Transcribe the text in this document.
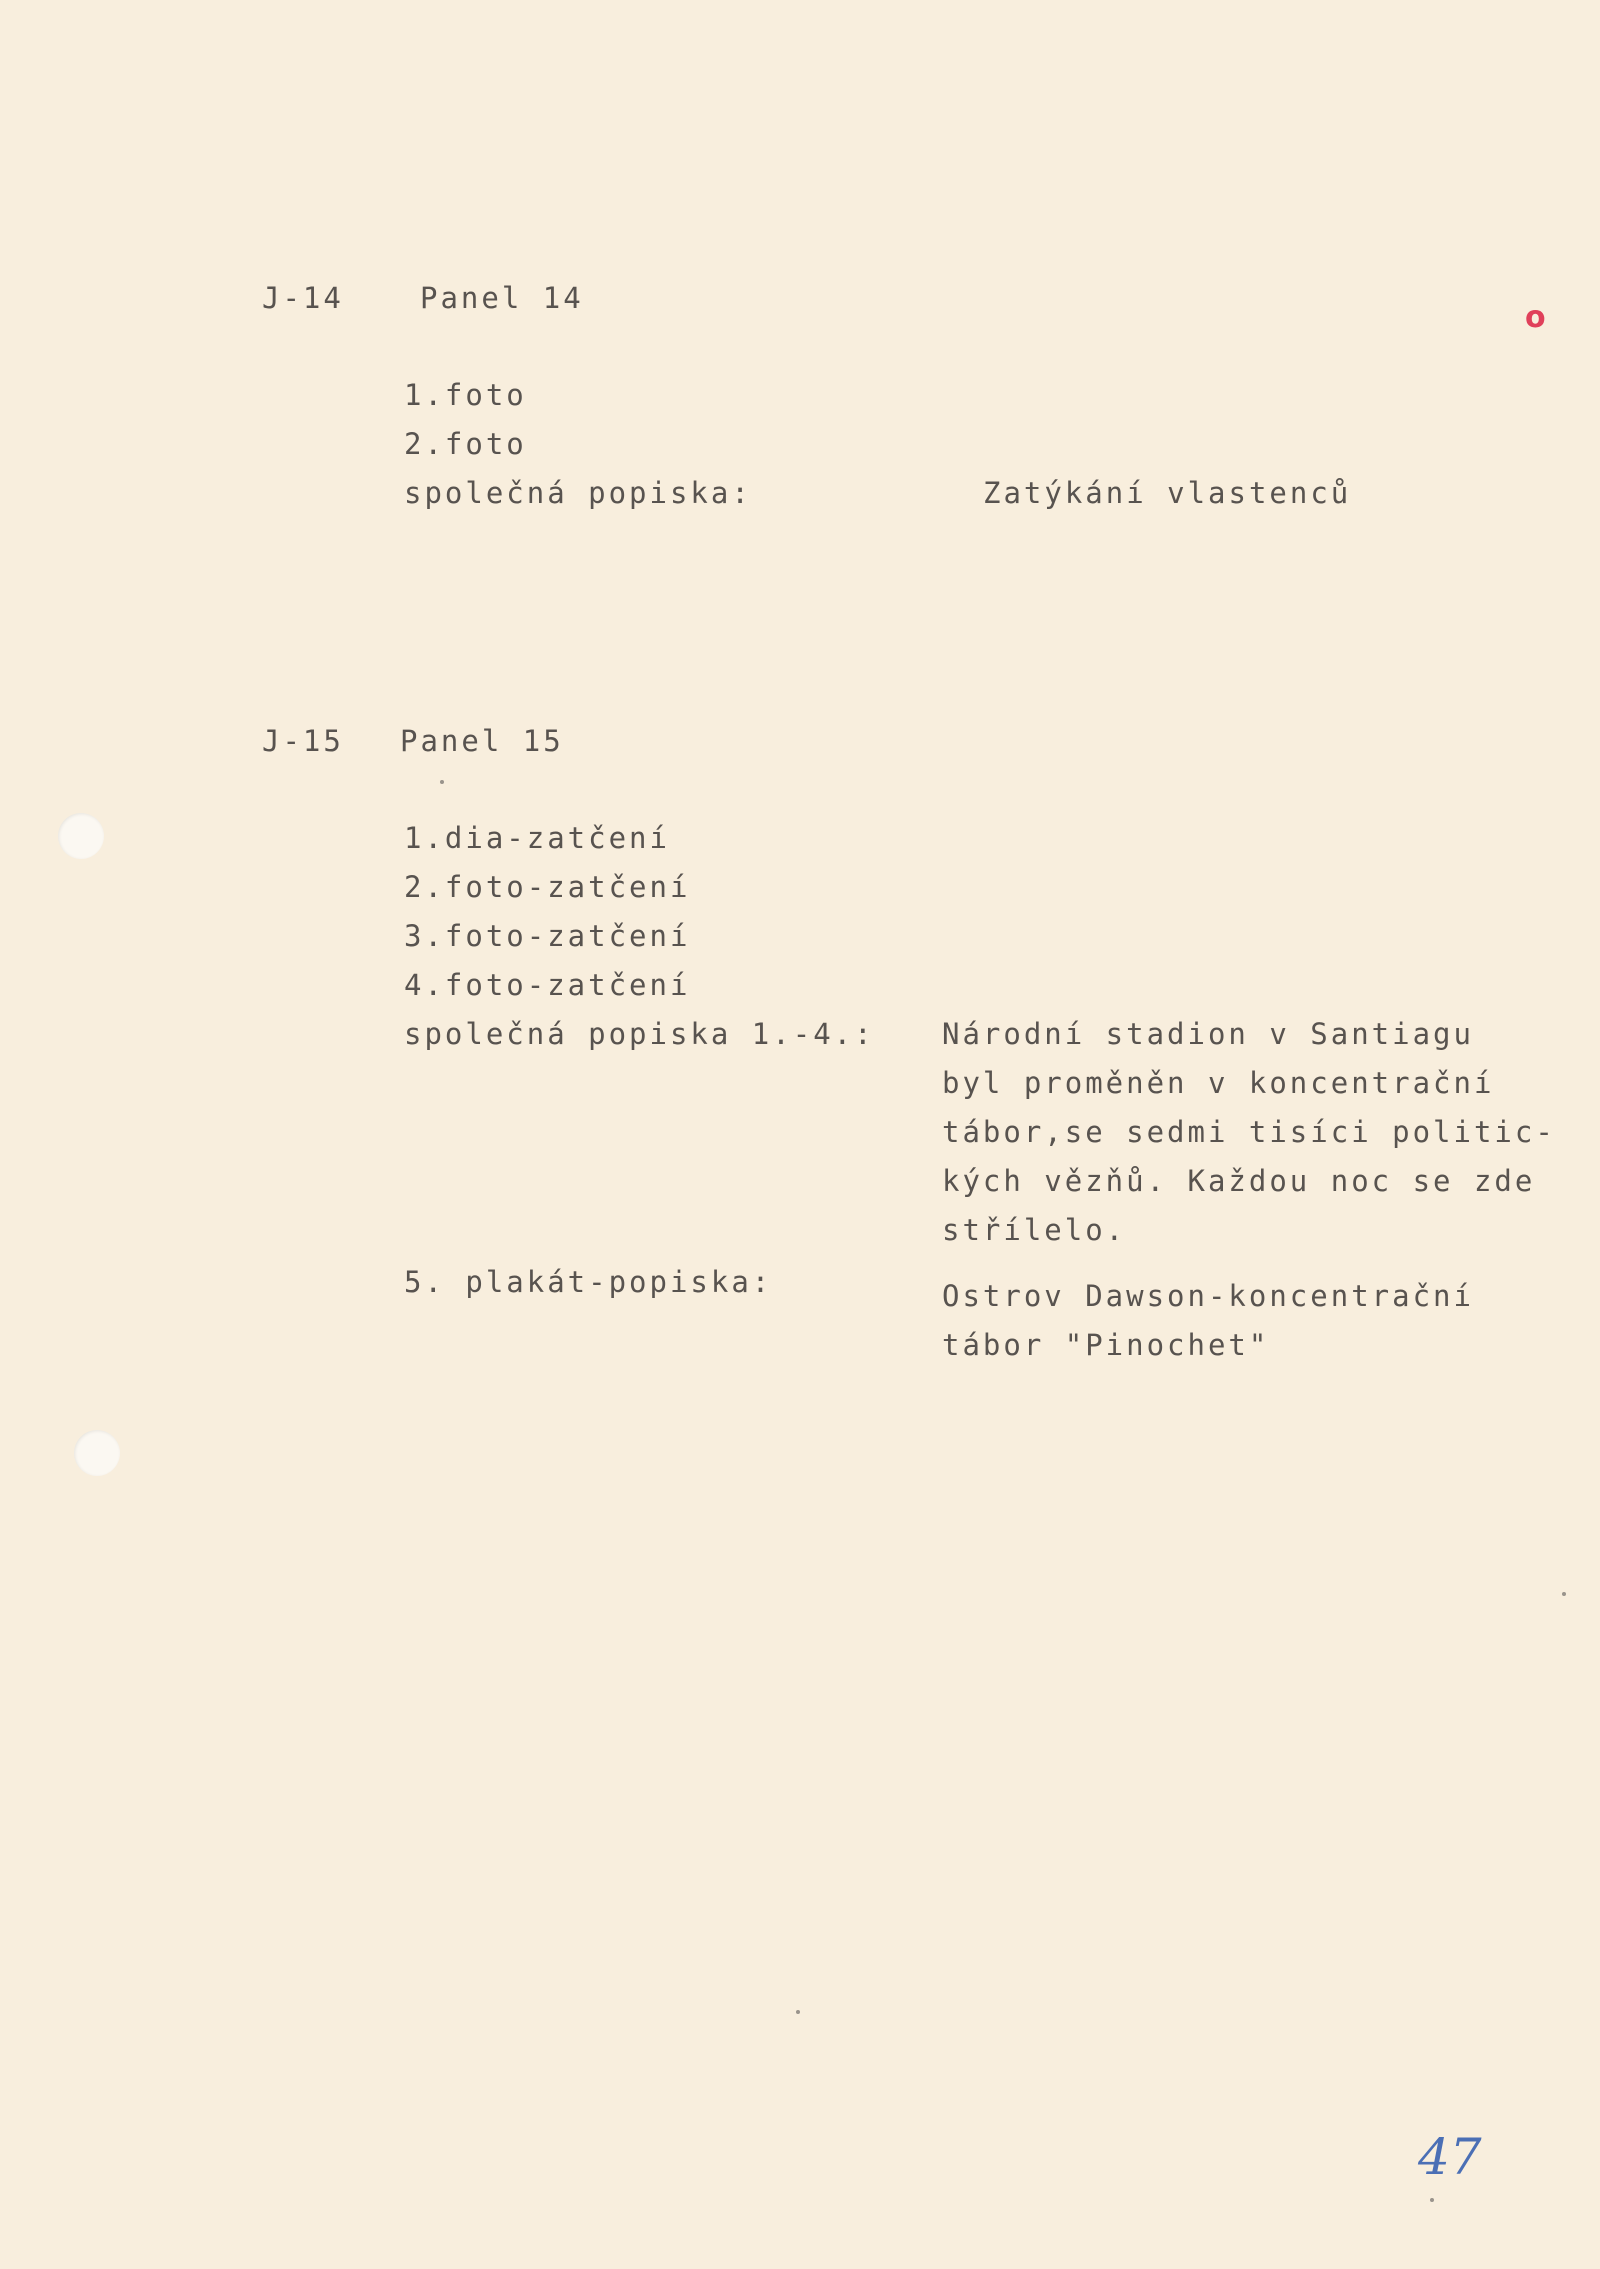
o
J-14	Panel 14
1.foto
2.foto
společná popiska:	Zatýkání vlastenců
J-15 Panel 15
1.dia-zatčení
2.foto-zatčení
3.foto-zatčení
4.foto-zatčení
společná popiska 1.-4.: Národní stadion v Santiagu
byl proměněn v koncentrační
tábor,se sedmi tisíci politic-
kých vězňů. Každou noc se zde
střílelo.
5. plakát-popiska:	Ostrov Dawson-koncentrační
tábor "Pinochet"
47
